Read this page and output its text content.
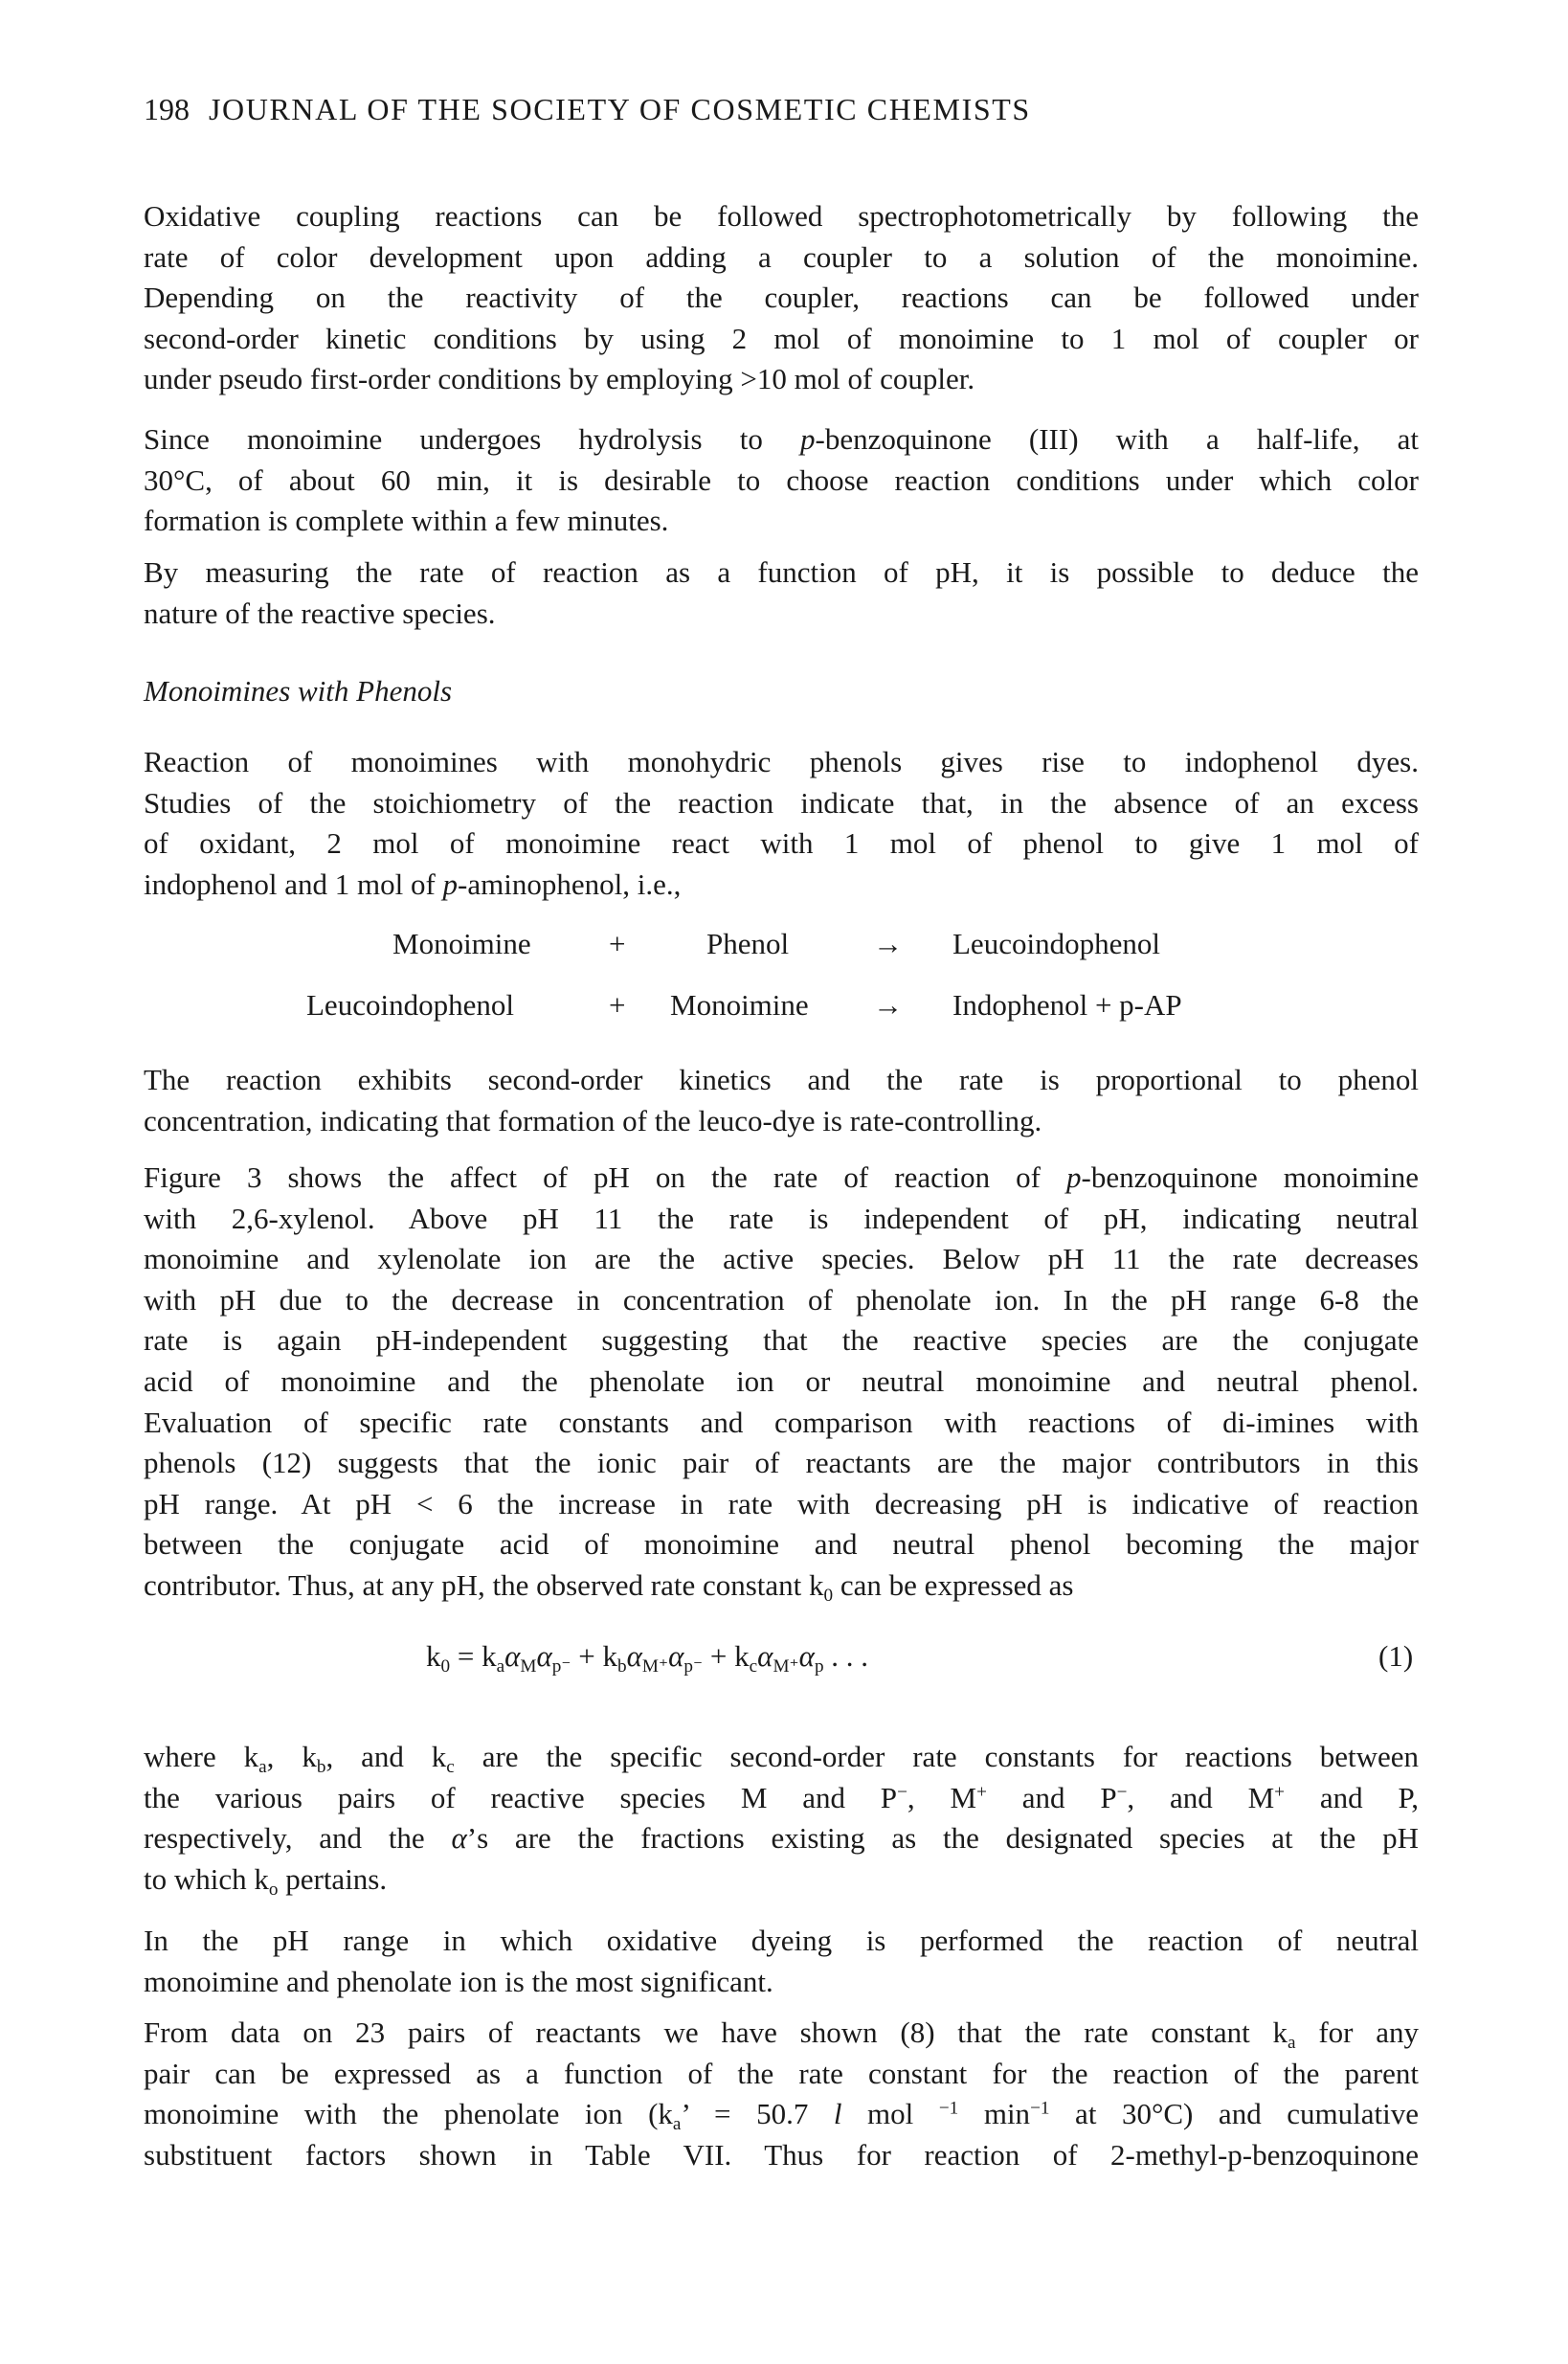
198 JOURNAL OF THE SOCIETY OF COSMETIC CHEMISTS
Oxidative coupling reactions can be followed spectrophotometrically by following the
rate of color development upon adding a coupler to a solution of the monoimine.
Depending on the reactivity of the coupler, reactions can be followed under
second-order kinetic conditions by using 2 mol of monoimine to 1 mol of coupler or
under pseudo first-order conditions by employing >10 mol of coupler.
Since monoimine undergoes hydrolysis to p-benzoquinone (III) with a half-life, at
30°C, of about 60 min, it is desirable to choose reaction conditions under which color
formation is complete within a few minutes.
By measuring the rate of reaction as a function of pH, it is possible to deduce the
nature of the reactive species.
Monoimines with Phenols
Reaction of monoimines with monohydric phenols gives rise to indophenol dyes.
Studies of the stoichiometry of the reaction indicate that, in the absence of an excess
of oxidant, 2 mol of monoimine react with 1 mol of phenol to give 1 mol of
indophenol and 1 mol of p-aminophenol, i.e.,
Monoimine	+	Phenol	→ Leucoindophenol
Leucoindophenol	+ Monoimine → Indophenol + p-AP
The reaction exhibits second-order kinetics and the rate is proportional to phenol
concentration, indicating that formation of the leuco-dye is rate-controlling.
Figure 3 shows the affect of pH on the rate of reaction of p-benzoquinone monoimine
with 2,6-xylenol. Above pH 11 the rate is independent of pH, indicating neutral
monoimine and xylenolate ion are the active species. Below pH 11 the rate decreases
with pH due to the decrease in concentration of phenolate ion. In the pH range 6-8 the
rate is again pH-independent suggesting that the reactive species are the conjugate
acid of monoimine and the phenolate ion or neutral monoimine and neutral phenol.
Evaluation of specific rate constants and comparison with reactions of di-imines with
phenols (12) suggests that the ionic pair of reactants are the major contributors in this
pH range. At pH < 6 the increase in rate with decreasing pH is indicative of reaction
between the conjugate acid of monoimine and neutral phenol becoming the major
contributor. Thus, at any pH, the observed rate constant $k_0$ can be expressed as
$k_0 = k_a\alpha_M\alpha_{p^-} + k_b\alpha_{M^+}\alpha_{p^-} + k_c\alpha_{M^+}\alpha_p$ . . .	(1)
where $k_a$, $k_b$, and $k_c$ are the specific second-order rate constants for reactions between
the various pairs of reactive species M and P−, M+ and P−, and M+ and P,
respectively, and the α’s are the fractions existing as the designated species at the pH
to which $k_o$ pertains.
In the pH range in which oxidative dyeing is performed the reaction of neutral
monoimine and phenolate ion is the most significant.
From data on 23 pairs of reactants we have shown (8) that the rate constant $k_a$ for any
pair can be expressed as a function of the rate constant for the reaction of the parent
monoimine with the phenolate ion ($k_a$’ = 50.7 l mol $^{-1}$ $\min^{-1}$ at 30°C) and cumulative
substituent factors shown in Table VII. Thus for reaction of 2-methyl-p-benzoquinone
